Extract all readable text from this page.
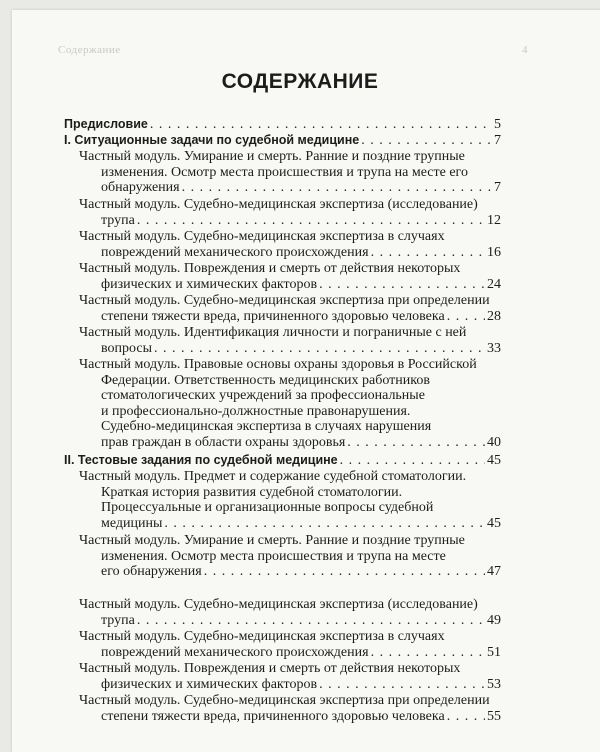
Содержание	4
СОДЕРЖАНИЕ
Предисловие . . .	5
I. Ситуационные задачи по судебной медицине . . .	7
Частный модуль. Умирание и смерть. Ранние и поздние трупные
изменения. Осмотр места происшествия и трупа на месте его
обнаружения . . .	7
Частный модуль. Судебно-медицинская экспертиза (исследование)
трупа . . .	12
Частный модуль. Судебно-медицинская экспертиза в случаях
повреждений механического происхождения . . .	16
Частный модуль. Повреждения и смерть от действия некоторых
физических и химических факторов . . .	24
Частный модуль. Судебно-медицинская экспертиза при определении
степени тяжести вреда, причиненного здоровью человека . . .	28
Частный модуль. Идентификация личности и пограничные с ней
вопросы . . .	33
Частный модуль. Правовые основы охраны здоровья в Российской
Федерации. Ответственность медицинских работников
стоматологических учреждений за профессиональные
и профессионально-должностные правонарушения.
Судебно-медицинская экспертиза в случаях нарушения
прав граждан в области охраны здоровья . . .	40
II. Тестовые задания по судебной медицине . . .	45
Частный модуль. Предмет и содержание судебной стоматологии.
Краткая история развития судебной стоматологии.
Процессуальные и организационные вопросы судебной
медицины . . .	45
Частный модуль. Умирание и смерть. Ранние и поздние трупные
изменения. Осмотр места происшествия и трупа на месте
его обнаружения . . .	47
Частный модуль. Судебно-медицинская экспертиза (исследование)
трупа . . .	49
Частный модуль. Судебно-медицинская экспертиза в случаях
повреждений механического происхождения . . .	51
Частный модуль. Повреждения и смерть от действия некоторых
физических и химических факторов . . .	53
Частный модуль. Судебно-медицинская экспертиза при определении
степени тяжести вреда, причиненного здоровью человека . . .	55
